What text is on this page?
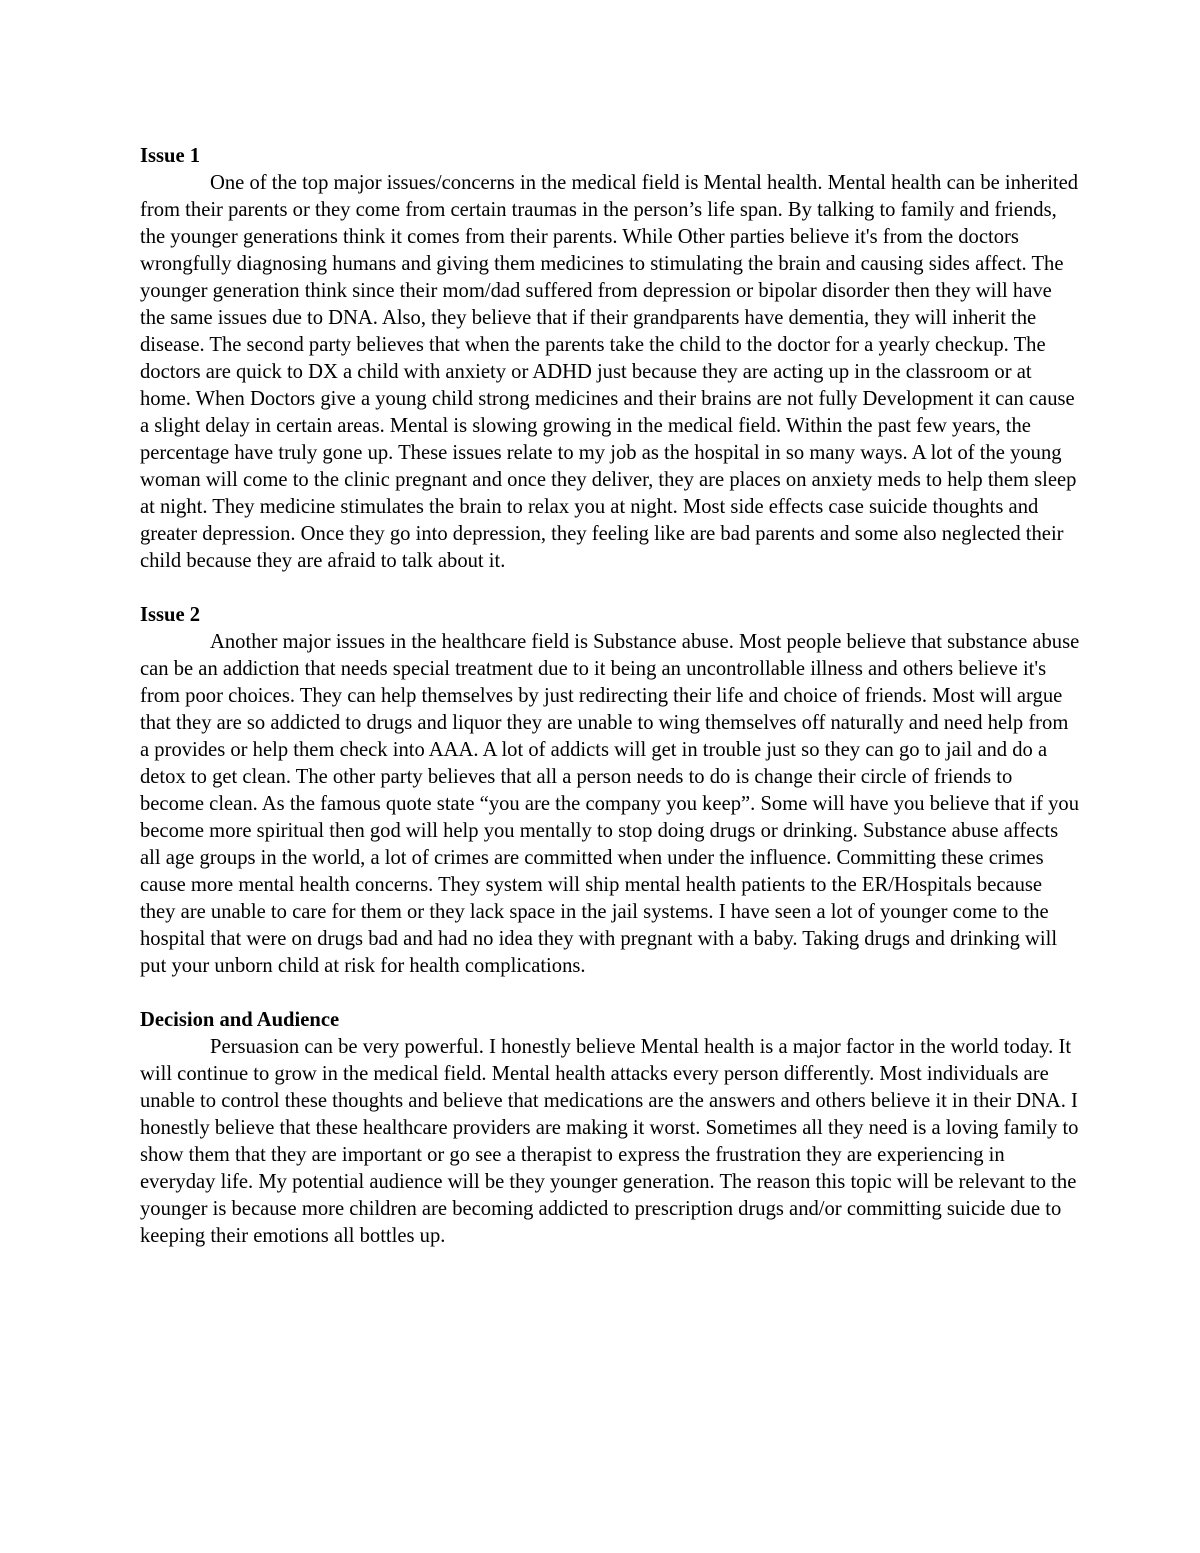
Issue 1

One of the top major issues/concerns in the medical field is Mental health. Mental health can be inherited from their parents or they come from certain traumas in the person’s life span. By talking to family and friends, the younger generations think it comes from their parents. While Other parties believe it's from the doctors wrongfully diagnosing humans and giving them medicines to stimulating the brain and causing sides affect. The younger generation think since their mom/dad suffered from depression or bipolar disorder then they will have the same issues due to DNA. Also, they believe that if their grandparents have dementia, they will inherit the disease. The second party believes that when the parents take the child to the doctor for a yearly checkup. The doctors are quick to DX a child with anxiety or ADHD just because they are acting up in the classroom or at home. When Doctors give a young child strong medicines and their brains are not fully Development it can cause a slight delay in certain areas. Mental is slowing growing in the medical field. Within the past few years, the percentage have truly gone up. These issues relate to my job as the hospital in so many ways. A lot of the young woman will come to the clinic pregnant and once they deliver, they are places on anxiety meds to help them sleep at night. They medicine stimulates the brain to relax you at night. Most side effects case suicide thoughts and greater depression. Once they go into depression, they feeling like are bad parents and some also neglected their child because they are afraid to talk about it.

Issue 2

Another major issues in the healthcare field is Substance abuse. Most people believe that substance abuse can be an addiction that needs special treatment due to it being an uncontrollable illness and others believe it's from poor choices. They can help themselves by just redirecting their life and choice of friends. Most will argue that they are so addicted to drugs and liquor they are unable to wing themselves off naturally and need help from a provides or help them check into AAA. A lot of addicts will get in trouble just so they can go to jail and do a detox to get clean. The other party believes that all a person needs to do is change their circle of friends to become clean. As the famous quote state “you are the company you keep”. Some will have you believe that if you become more spiritual then god will help you mentally to stop doing drugs or drinking. Substance abuse affects all age groups in the world, a lot of crimes are committed when under the influence. Committing these crimes cause more mental health concerns. They system will ship mental health patients to the ER/Hospitals because they are unable to care for them or they lack space in the jail systems. I have seen a lot of younger come to the hospital that were on drugs bad and had no idea they with pregnant with a baby. Taking drugs and drinking will put your unborn child at risk for health complications.

Decision and Audience

Persuasion can be very powerful. I honestly believe Mental health is a major factor in the world today. It will continue to grow in the medical field. Mental health attacks every person differently. Most individuals are unable to control these thoughts and believe that medications are the answers and others believe it in their DNA. I honestly believe that these healthcare providers are making it worst. Sometimes all they need is a loving family to show them that they are important or go see a therapist to express the frustration they are experiencing in everyday life. My potential audience will be they younger generation. The reason this topic will be relevant to the younger is because more children are becoming addicted to prescription drugs and/or committing suicide due to keeping their emotions all bottles up.
